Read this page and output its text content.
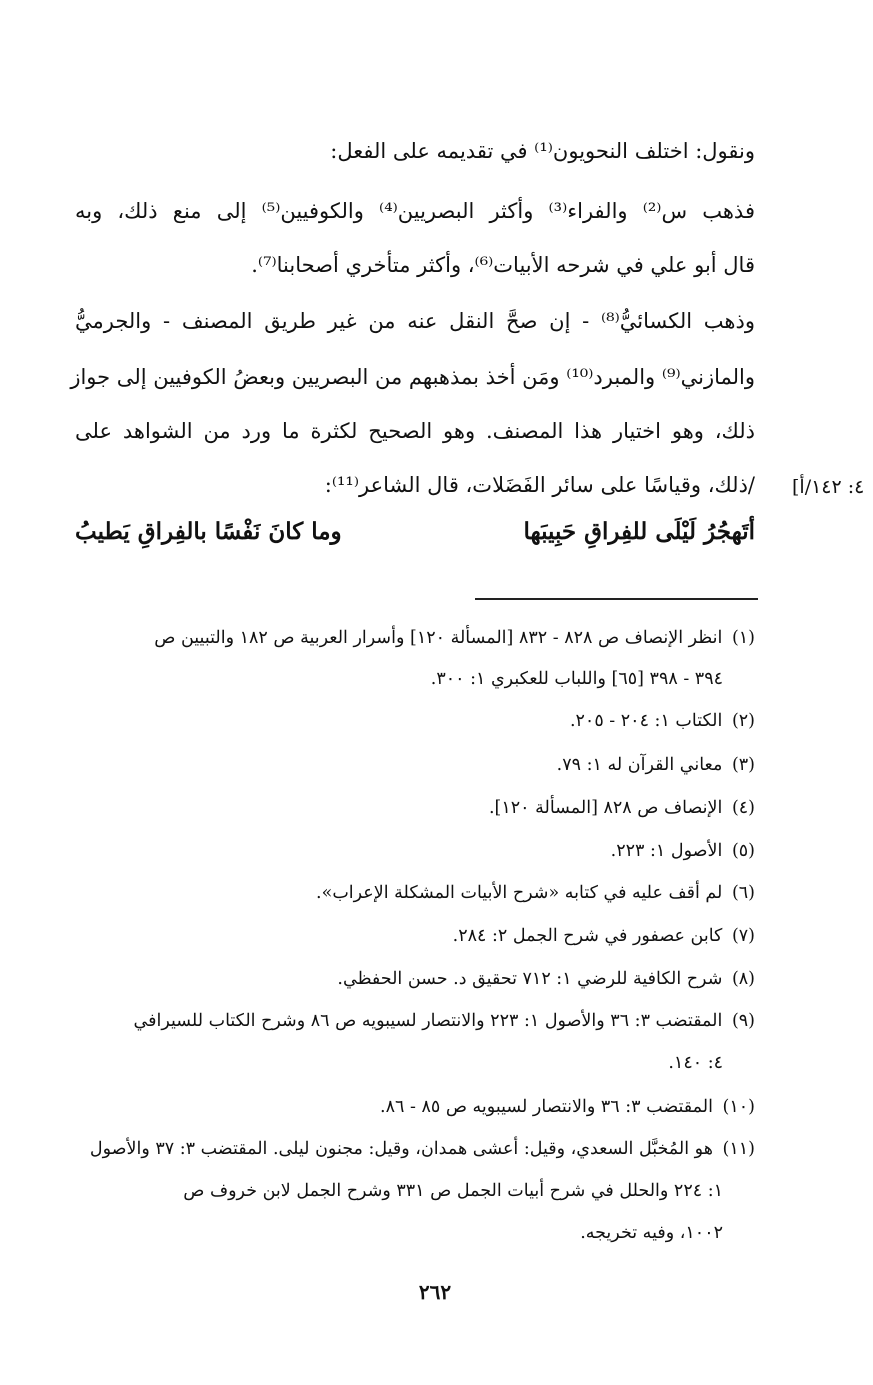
ونقول: اختلف النحويون⁽¹⁾ في تقديمه على الفعل:
فذهب س⁽²⁾ والفراء⁽³⁾ وأكثر البصريين⁽⁴⁾ والكوفيين⁽⁵⁾ إلى منع ذلك، وبه
قال أبو علي في شرحه الأبيات⁽⁶⁾، وأكثر متأخري أصحابنا⁽⁷⁾.
وذهب الكسائيُّ⁽⁸⁾ - إن صحَّ النقل عنه من غير طريق المصنف - والجرميُّ
والمازني⁽⁹⁾ والمبرد⁽¹⁰⁾ ومَن أخذ بمذهبهم من البصريين وبعضُ الكوفيين إلى جواز
ذلك، وهو اختيار هذا المصنف. وهو الصحيح لكثرة ما ورد من الشواهد على
/ذلك، وقياسًا على سائر الفَضَلات، قال الشاعر⁽¹¹⁾: ٤: ١٤٢/أ]
أتَهجُرُ لَيْلَى للفِراقِ حَبِيبَها
وما كانَ نَفْسًا بالفِراقِ يَطيبُ
(١) انظر الإنصاف ص ٨٢٨ - ٨٣٢ [المسألة ١٢٠] وأسرار العربية ص ١٨٢ والتبيين ص
٣٩٤ - ٣٩٨ [٦٥] واللباب للعكبري ١: ٣٠٠.
(٢) الكتاب ١: ٢٠٤ - ٢٠٥.
(٣) معاني القرآن له ١: ٧٩.
(٤) الإنصاف ص ٨٢٨ [المسألة ١٢٠].
(٥) الأصول ١: ٢٢٣.
(٦) لم أقف عليه في كتابه «شرح الأبيات المشكلة الإعراب».
(٧) كابن عصفور في شرح الجمل ٢: ٢٨٤.
(٨) شرح الكافية للرضي ١: ٧١٢ تحقيق د. حسن الحفظي.
(٩) المقتضب ٣: ٣٦ والأصول ١: ٢٢٣ والانتصار لسيبويه ص ٨٦ وشرح الكتاب للسيرافي
٤: ١٤٠.
(١٠) المقتضب ٣: ٣٦ والانتصار لسيبويه ص ٨٥ - ٨٦.
(١١) هو المُخبَّل السعدي، وقيل: أعشى همدان، وقيل: مجنون ليلى. المقتضب ٣: ٣٧ والأصول
١: ٢٢٤ والحلل في شرح أبيات الجمل ص ٣٣١ وشرح الجمل لابن خروف ص
١٠٠٢، وفيه تخريجه.
٢٦٢
